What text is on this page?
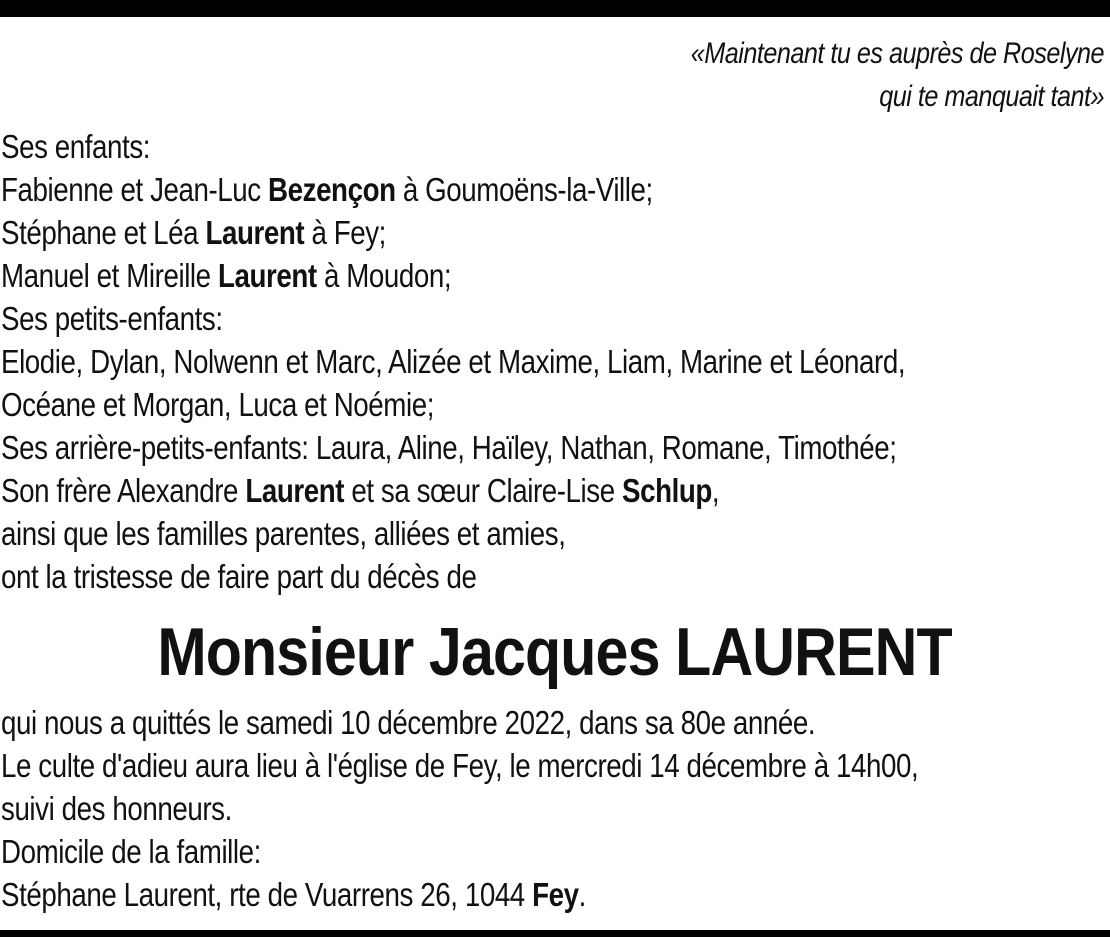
«Maintenant tu es auprès de Roselyne
qui te manquait tant»
Ses enfants:
Fabienne et Jean-Luc Bezençon à Goumoëns-la-Ville;
Stéphane et Léa Laurent à Fey;
Manuel et Mireille Laurent à Moudon;
Ses petits-enfants:
Elodie, Dylan, Nolwenn et Marc, Alizée et Maxime, Liam, Marine et Léonard,
Océane et Morgan, Luca et Noémie;
Ses arrière-petits-enfants: Laura, Aline, Haïley, Nathan, Romane, Timothée;
Son frère Alexandre Laurent et sa sœur Claire-Lise Schlup,
ainsi que les familles parentes, alliées et amies,
ont la tristesse de faire part du décès de
Monsieur Jacques LAURENT
qui nous a quittés le samedi 10 décembre 2022, dans sa 80e année.
Le culte d'adieu aura lieu à l'église de Fey, le mercredi 14 décembre à 14h00,
suivi des honneurs.
Domicile de la famille:
Stéphane Laurent, rte de Vuarrens 26, 1044 Fey.
